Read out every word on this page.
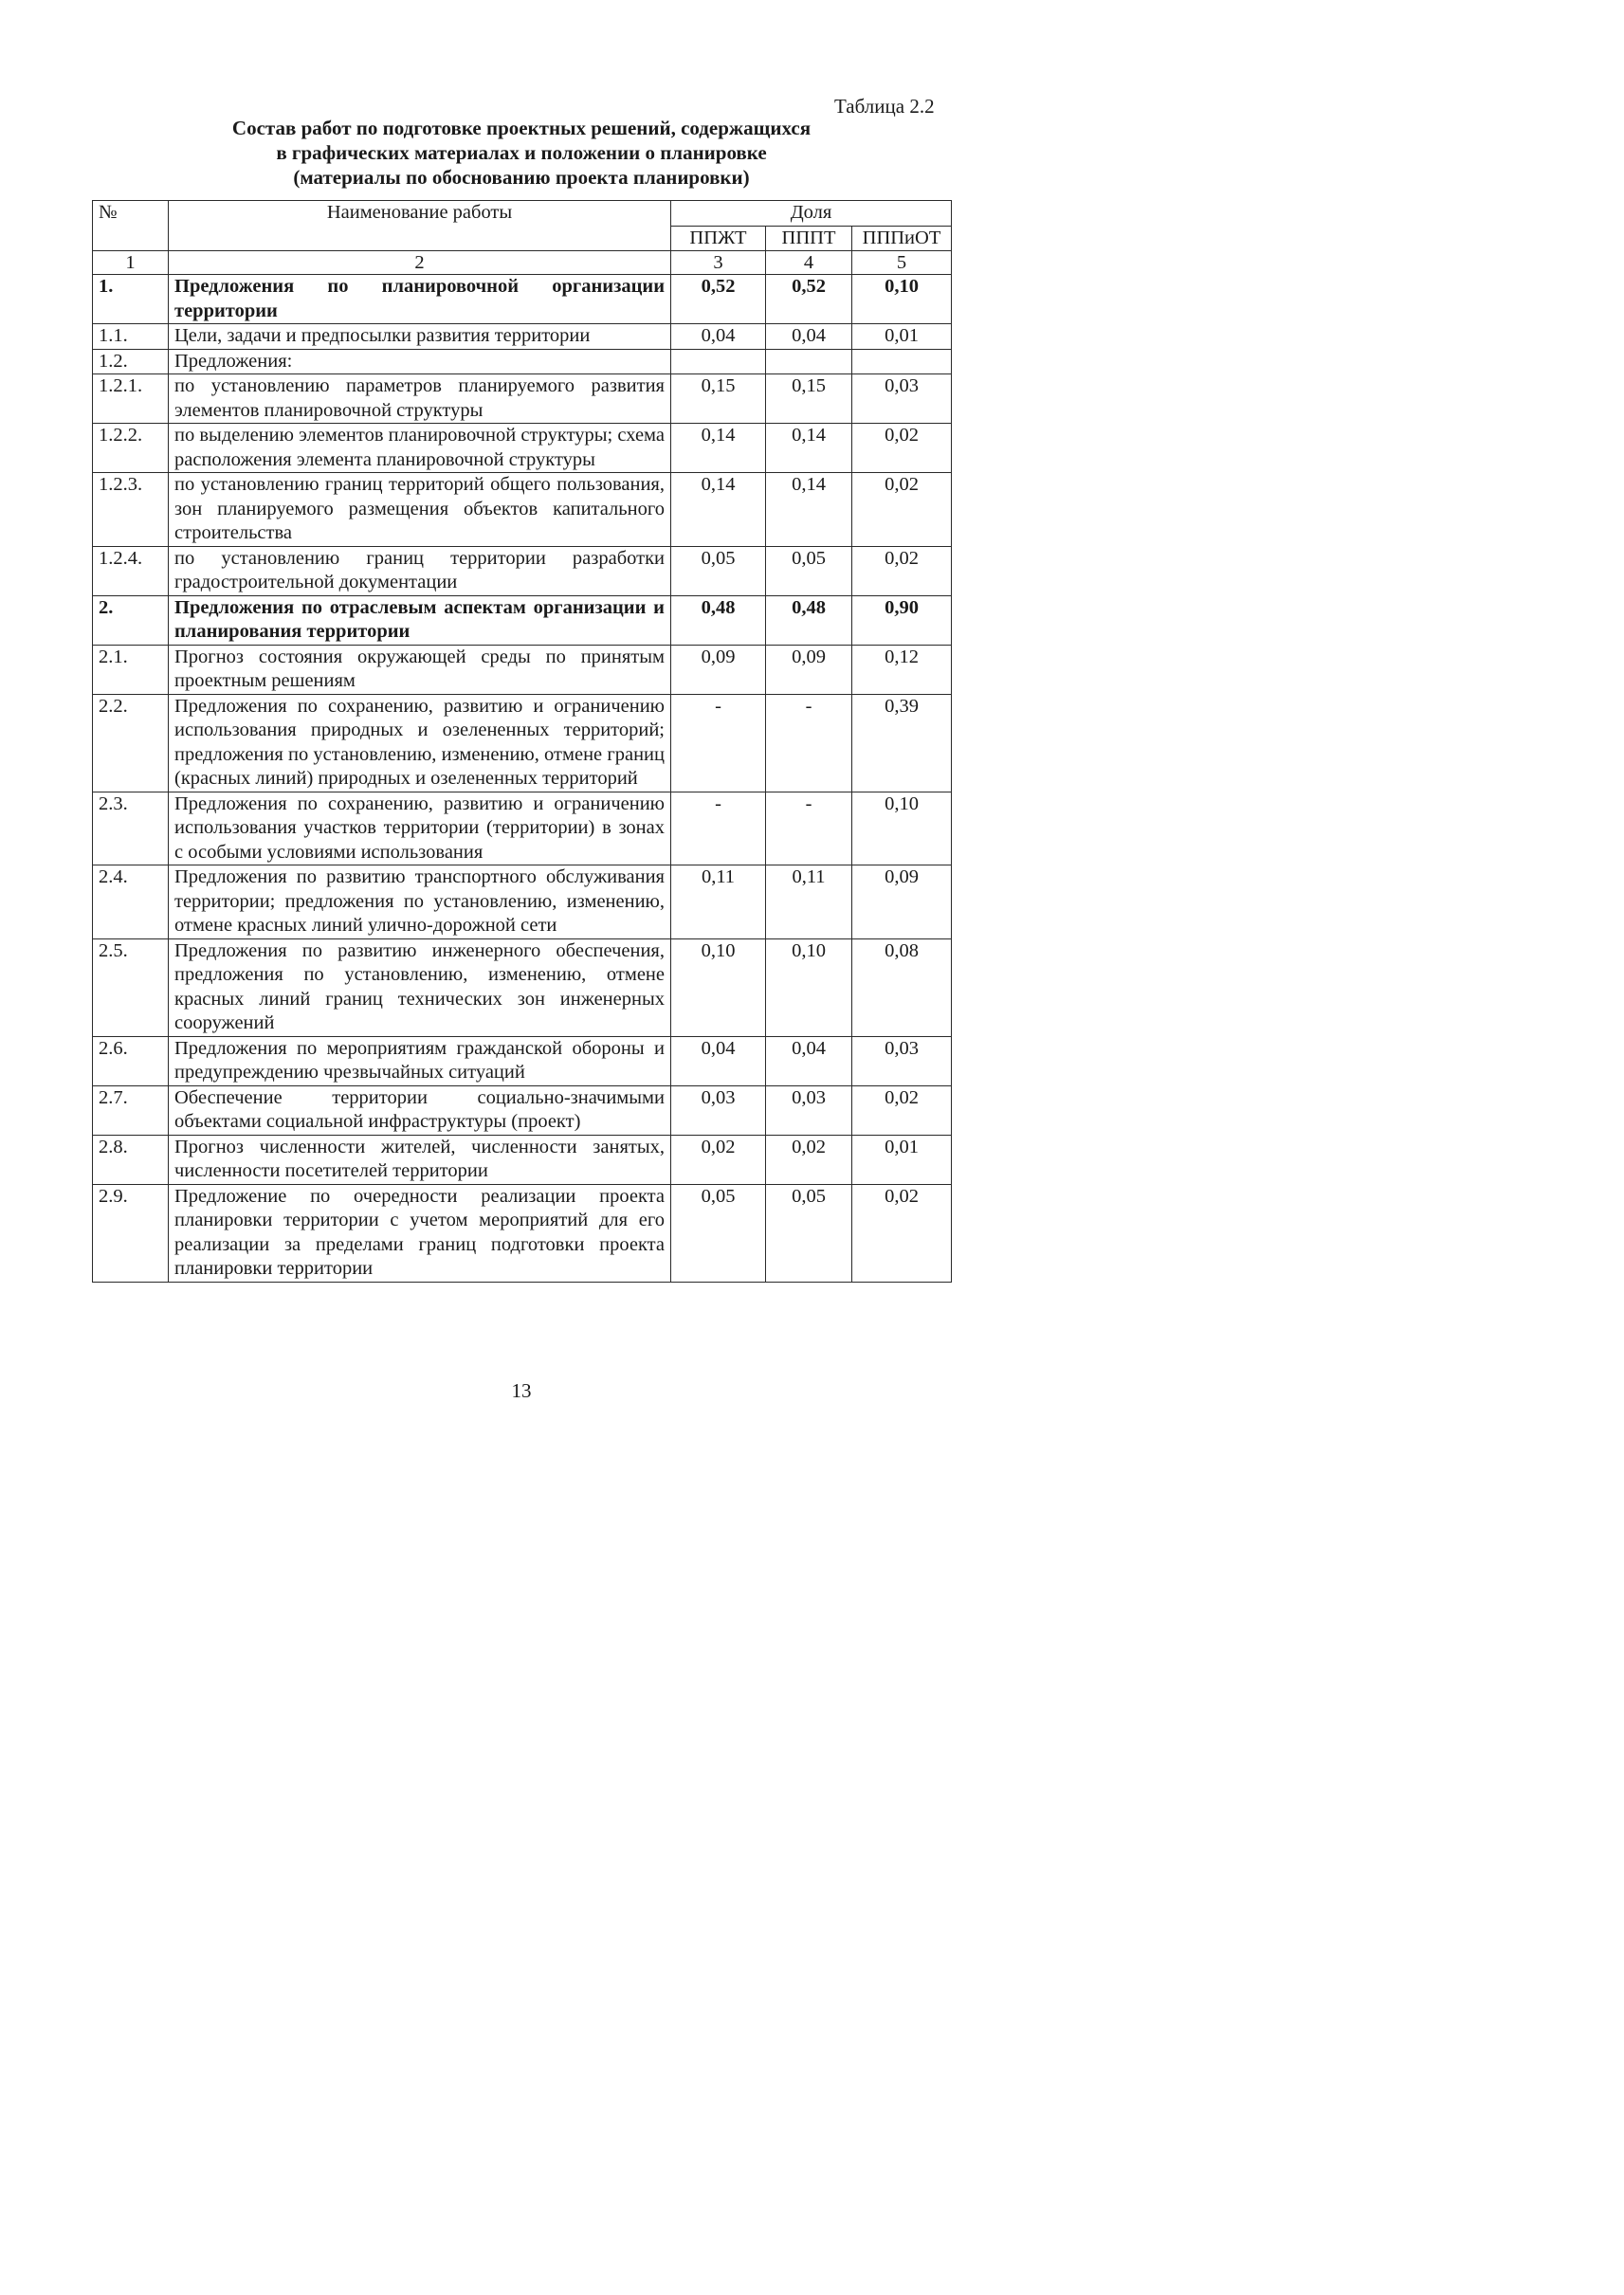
Таблица 2.2
Состав работ по подготовке проектных решений, содержащихся
в графических материалах и положении о планировке
(материалы по обоснованию проекта планировки)
№	Наименование работы	Доля		
		ППЖТ	ПППТ	ПППиОТ
1	2	3	4	5
1.	Предложения по планировочной организации территории	0,52	0,52	0,10
1.1.	Цели, задачи и предпосылки развития территории	0,04	0,04	0,01
1.2.	Предложения:			
1.2.1.	по установлению параметров планируемого развития элементов планировочной структуры	0,15	0,15	0,03
1.2.2.	по выделению элементов планировочной структуры; схема расположения элемента планировочной структуры	0,14	0,14	0,02
1.2.3.	по установлению границ территорий общего пользования, зон планируемого размещения объектов капитального строительства	0,14	0,14	0,02
1.2.4.	по установлению границ территории разработки градостроительной документации	0,05	0,05	0,02
2.	Предложения по отраслевым аспектам организации и планирования территории	0,48	0,48	0,90
2.1.	Прогноз состояния окружающей среды по принятым проектным решениям	0,09	0,09	0,12
2.2.	Предложения по сохранению, развитию и ограничению использования природных и озелененных территорий; предложения по установлению, изменению, отмене границ (красных линий) природных и озелененных территорий	-	-	0,39
2.3.	Предложения по сохранению, развитию и ограничению использования участков территории (территории) в зонах с особыми условиями использования	-	-	0,10
2.4.	Предложения по развитию транспортного обслуживания территории; предложения по установлению, изменению, отмене красных линий улично-дорожной сети	0,11	0,11	0,09
2.5.	Предложения по развитию инженерного обеспечения, предложения по установлению, изменению, отмене красных линий границ технических зон инженерных сооружений	0,10	0,10	0,08
2.6.	Предложения по мероприятиям гражданской обороны и предупреждению чрезвычайных ситуаций	0,04	0,04	0,03
2.7.	Обеспечение территории социально-значимыми объектами социальной инфраструктуры (проект)	0,03	0,03	0,02
2.8.	Прогноз численности жителей, численности занятых, численности посетителей территории	0,02	0,02	0,01
2.9.	Предложение по очередности реализации проекта планировки территории с учетом мероприятий для его реализации за пределами границ подготовки проекта планировки территории	0,05	0,05	0,02
13
